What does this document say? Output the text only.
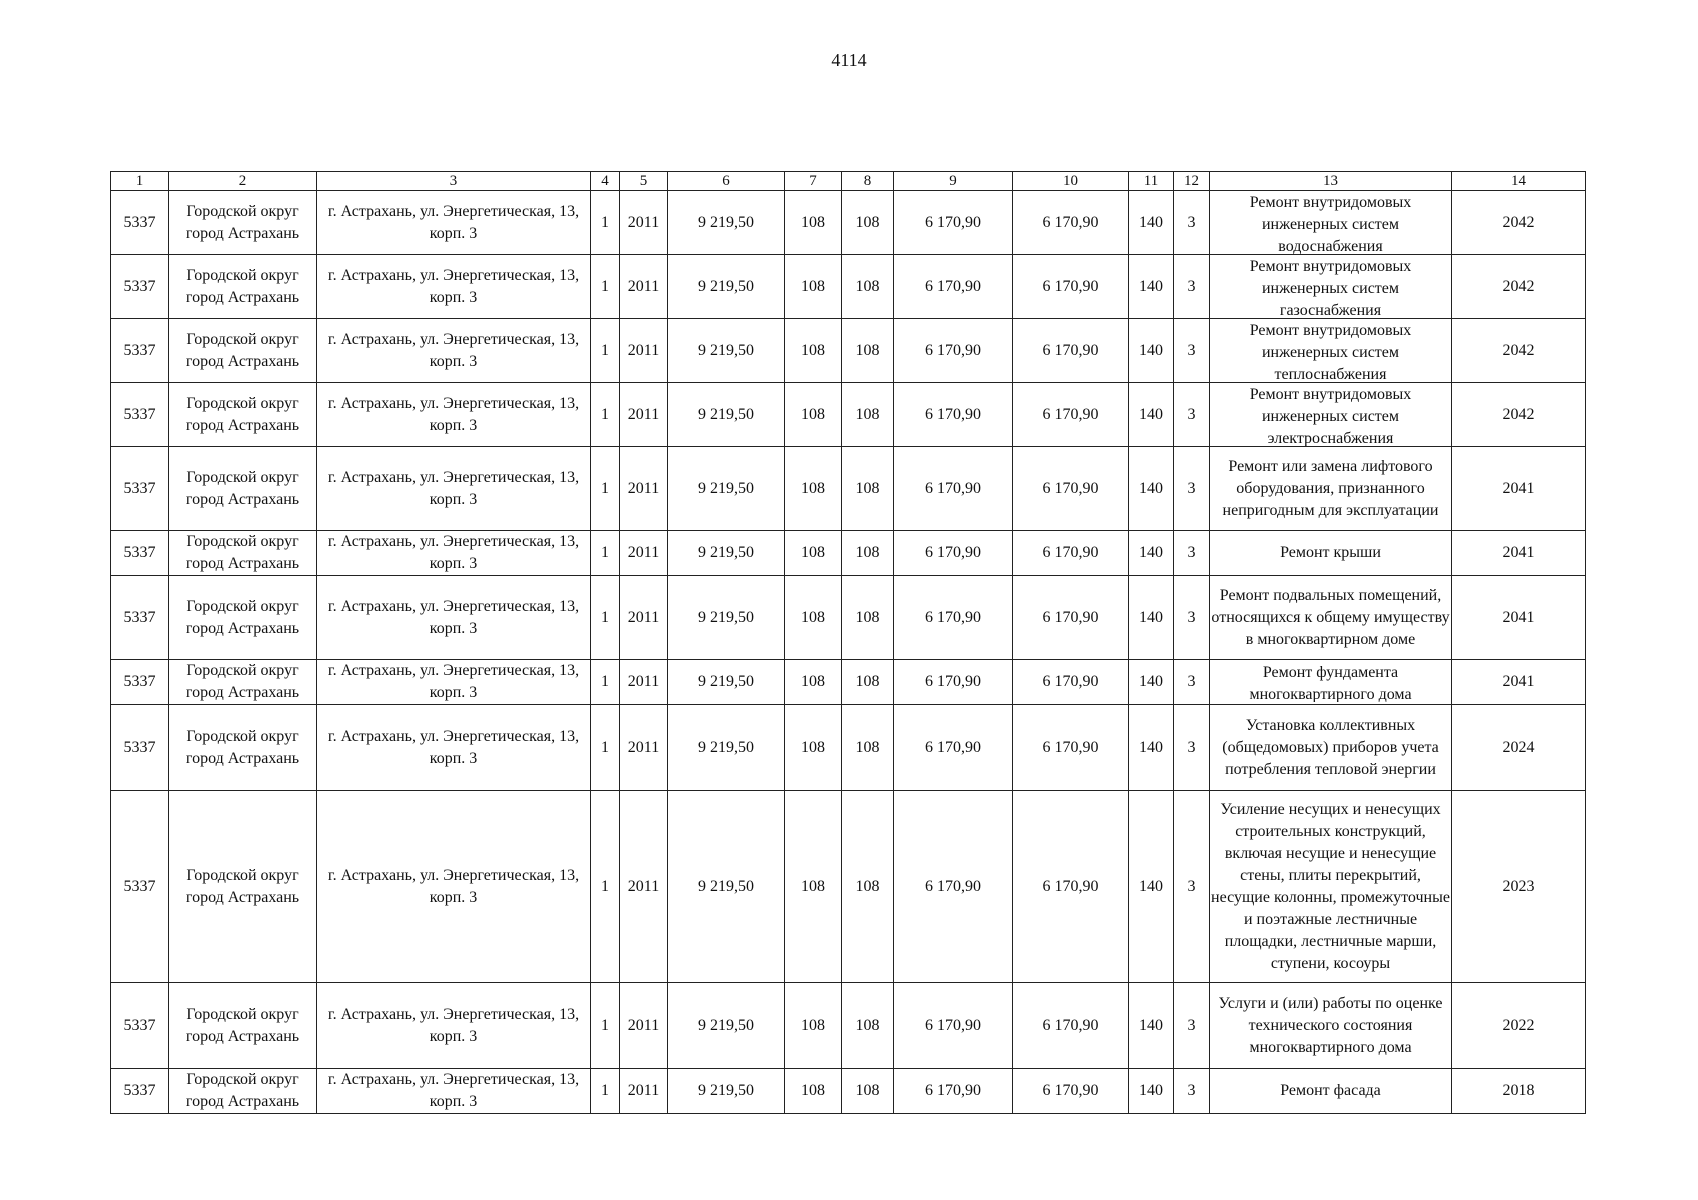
4114
1	2	3	4	5	6	7	8	9	10	11	12	13	14
5337	Городской округ город Астрахань	г. Астрахань, ул. Энергетическая, 13, корп. 3	1	2011	9 219,50	108	108	6 170,90	6 170,90	140	3	Ремонт внутридомовых инженерных систем водоснабжения	2042
5337	Городской округ город Астрахань	г. Астрахань, ул. Энергетическая, 13, корп. 3	1	2011	9 219,50	108	108	6 170,90	6 170,90	140	3	Ремонт внутридомовых инженерных систем газоснабжения	2042
5337	Городской округ город Астрахань	г. Астрахань, ул. Энергетическая, 13, корп. 3	1	2011	9 219,50	108	108	6 170,90	6 170,90	140	3	Ремонт внутридомовых инженерных систем теплоснабжения	2042
5337	Городской округ город Астрахань	г. Астрахань, ул. Энергетическая, 13, корп. 3	1	2011	9 219,50	108	108	6 170,90	6 170,90	140	3	Ремонт внутридомовых инженерных систем электроснабжения	2042
5337	Городской округ город Астрахань	г. Астрахань, ул. Энергетическая, 13, корп. 3	1	2011	9 219,50	108	108	6 170,90	6 170,90	140	3	Ремонт или замена лифтового оборудования, признанного непригодным для эксплуатации	2041
5337	Городской округ город Астрахань	г. Астрахань, ул. Энергетическая, 13, корп. 3	1	2011	9 219,50	108	108	6 170,90	6 170,90	140	3	Ремонт крыши	2041
5337	Городской округ город Астрахань	г. Астрахань, ул. Энергетическая, 13, корп. 3	1	2011	9 219,50	108	108	6 170,90	6 170,90	140	3	Ремонт подвальных помещений, относящихся к общему имуществу в многоквартирном доме	2041
5337	Городской округ город Астрахань	г. Астрахань, ул. Энергетическая, 13, корп. 3	1	2011	9 219,50	108	108	6 170,90	6 170,90	140	3	Ремонт фундамента многоквартирного дома	2041
5337	Городской округ город Астрахань	г. Астрахань, ул. Энергетическая, 13, корп. 3	1	2011	9 219,50	108	108	6 170,90	6 170,90	140	3	Установка коллективных (общедомовых) приборов учета потребления тепловой энергии	2024
5337	Городской округ город Астрахань	г. Астрахань, ул. Энергетическая, 13, корп. 3	1	2011	9 219,50	108	108	6 170,90	6 170,90	140	3	Усиление несущих и ненесущих строительных конструкций, включая несущие и ненесущие стены, плиты перекрытий, несущие колонны, промежуточные и поэтажные лестничные площадки, лестничные марши, ступени, косоуры	2023
5337	Городской округ город Астрахань	г. Астрахань, ул. Энергетическая, 13, корп. 3	1	2011	9 219,50	108	108	6 170,90	6 170,90	140	3	Услуги и (или) работы по оценке технического состояния многоквартирного дома	2022
5337	Городской округ город Астрахань	г. Астрахань, ул. Энергетическая, 13, корп. 3	1	2011	9 219,50	108	108	6 170,90	6 170,90	140	3	Ремонт фасада	2018
